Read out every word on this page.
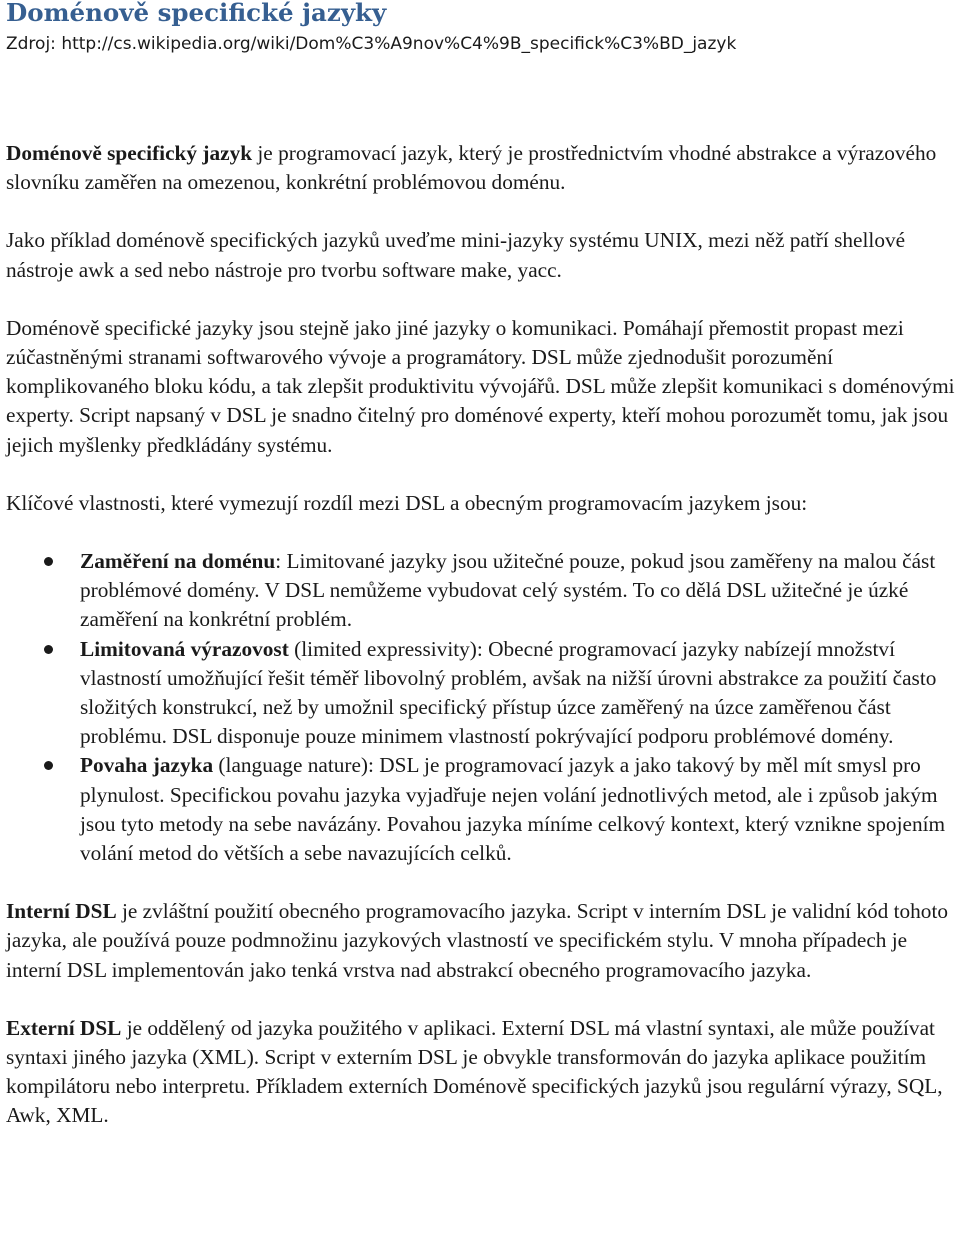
Doménově specifické jazyky
Zdroj: http://cs.wikipedia.org/wiki/Dom%C3%A9nov%C4%9B_specifick%C3%BD_jazyk

Doménově specifický jazyk je programovací jazyk, který je prostřednictvím vhodné abstrakce a výrazového slovníku zaměřen na omezenou, konkrétní problémovou doménu.

Jako příklad doménově specifických jazyků uveďme mini-jazyky systému UNIX, mezi něž patří shellové nástroje awk a sed nebo nástroje pro tvorbu software make, yacc.

Doménově specifické jazyky jsou stejně jako jiné jazyky o komunikaci. Pomáhají přemostit propast mezi zúčastněnými stranami softwarového vývoje a programátory. DSL může zjednodušit porozumění komplikovaného bloku kódu, a tak zlepšit produktivitu vývojářů. DSL může zlepšit komunikaci s doménovými experty. Script napsaný v DSL je snadno čitelný pro doménové experty, kteří mohou porozumět tomu, jak jsou jejich myšlenky předkládány systému.

Klíčové vlastnosti, které vymezují rozdíl mezi DSL a obecným programovacím jazykem jsou:

Zaměření na doménu: Limitované jazyky jsou užitečné pouze, pokud jsou zaměřeny na malou část problémové domény. V DSL nemůžeme vybudovat celý systém. To co dělá DSL užitečné je úzké zaměření na konkrétní problém.
Limitovaná výrazovost (limited expressivity): Obecné programovací jazyky nabízejí množství vlastností umožňující řešit téměř libovolný problém, avšak na nižší úrovni abstrakce za použití často složitých konstrukcí, než by umožnil specifický přístup úzce zaměřený na úzce zaměřenou část problému. DSL disponuje pouze minimem vlastností pokrývající podporu problémové domény.
Povaha jazyka (language nature): DSL je programovací jazyk a jako takový by měl mít smysl pro plynulost. Specifickou povahu jazyka vyjadřuje nejen volání jednotlivých metod, ale i způsob jakým jsou tyto metody na sebe navázány. Povahou jazyka míníme celkový kontext, který vznikne spojením volání metod do větších a sebe navazujících celků.

Interní DSL je zvláštní použití obecného programovacího jazyka. Script v interním DSL je validní kód tohoto jazyka, ale používá pouze podmnožinu jazykových vlastností ve specifickém stylu. V mnoha případech je interní DSL implementován jako tenká vrstva nad abstrakcí obecného programovacího jazyka.

Externí DSL je oddělený od jazyka použitého v aplikaci. Externí DSL má vlastní syntaxi, ale může používat syntaxi jiného jazyka (XML). Script v externím DSL je obvykle transformován do jazyka aplikace použitím kompilátoru nebo interpretu. Příkladem externích Doménově specifických jazyků jsou regulární výrazy, SQL, Awk, XML.
